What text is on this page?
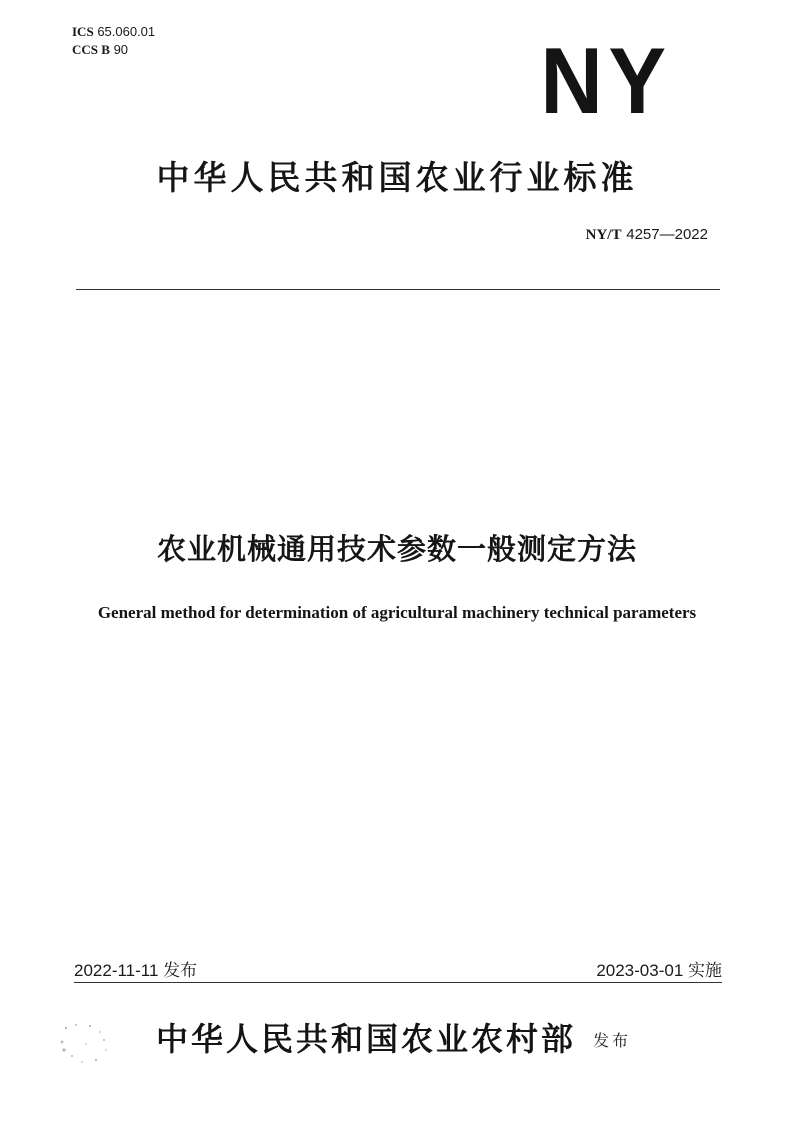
ICS 65.060.01
CCS B 90	NY
中华人民共和国农业行业标准
NY/T 4257—2022
农业机械通用技术参数一般测定方法
General method for determination of agricultural machinery technical parameters
2022-11-11 发布	2023-03-01 实施
中华人民共和国农业农村部 发布
